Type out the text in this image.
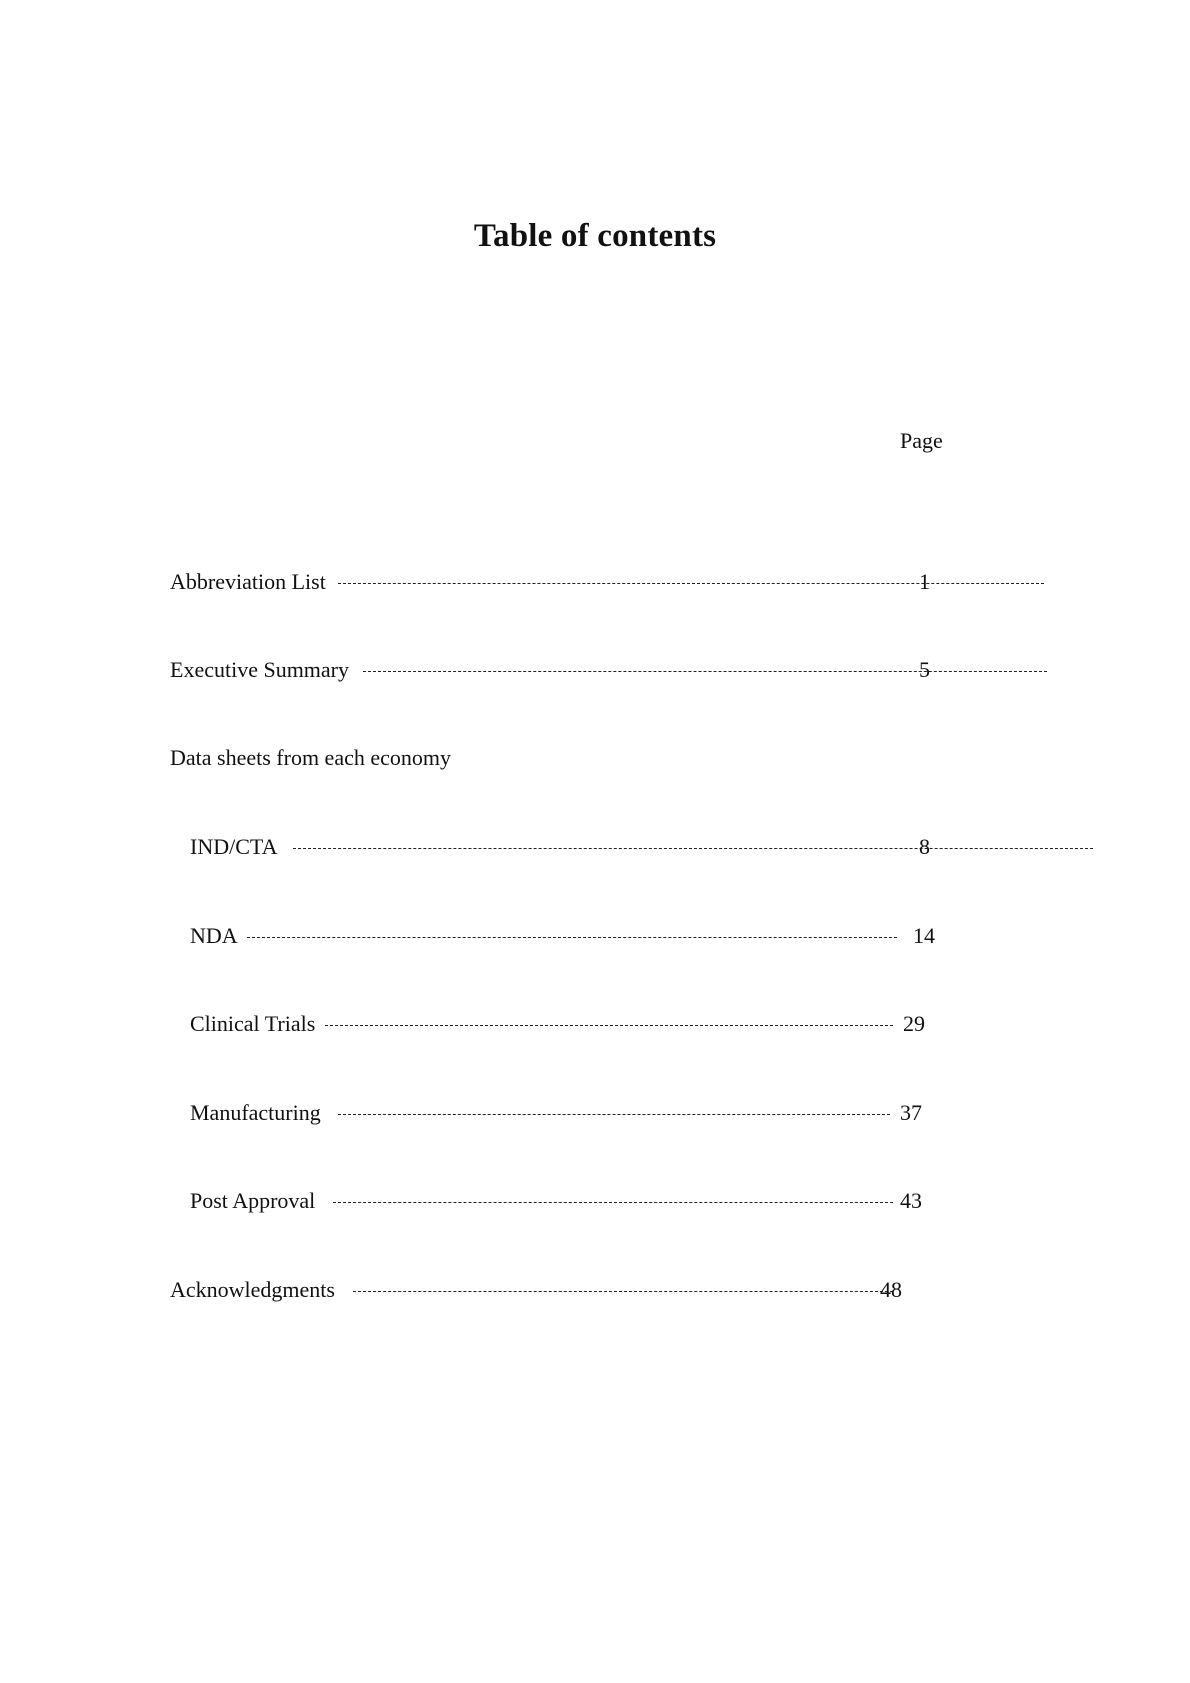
Table of contents
Page
Abbreviation List	1
Executive Summary	5
Data sheets from each economy
IND/CTA	8
NDA	14
Clinical Trials	29
Manufacturing	37
Post Approval	43
Acknowledgments	48
